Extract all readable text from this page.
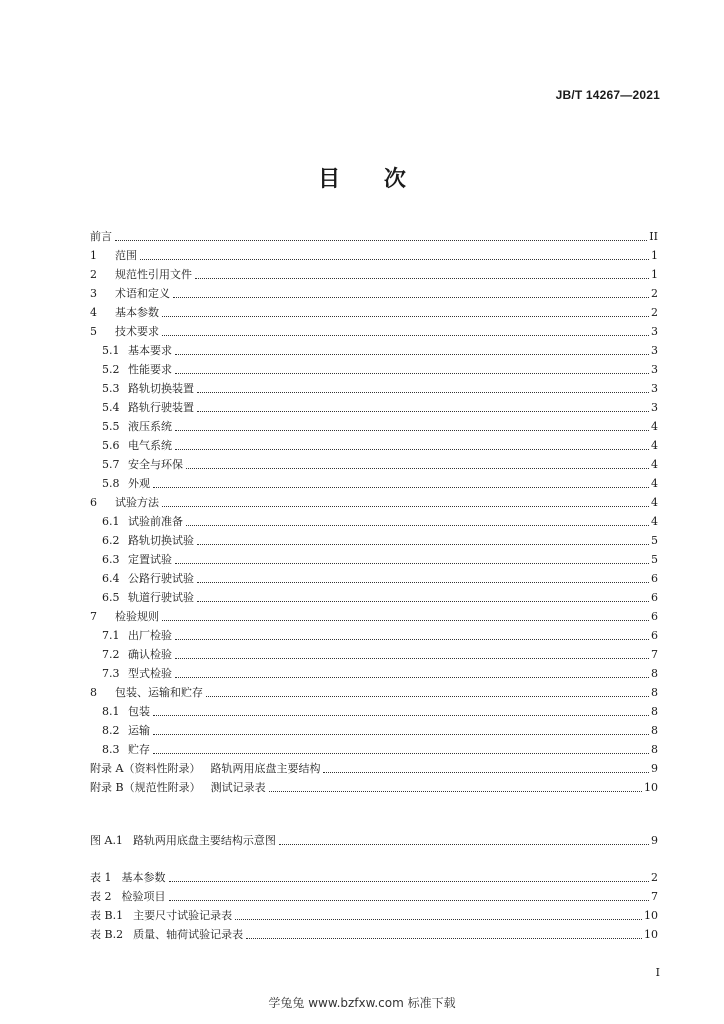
JB/T 14267—2021
目 次
前言	II
1 范围	1
2 规范性引用文件	1
3 术语和定义	2
4 基本参数	2
5 技术要求	3
5.1 基本要求	3
5.2 性能要求	3
5.3 路轨切换装置	3
5.4 路轨行驶装置	3
5.5 液压系统	4
5.6 电气系统	4
5.7 安全与环保	4
5.8 外观	4
6 试验方法	4
6.1 试验前准备	4
6.2 路轨切换试验	5
6.3 定置试验	5
6.4 公路行驶试验	6
6.5 轨道行驶试验	6
7 检验规则	6
7.1 出厂检验	6
7.2 确认检验	7
7.3 型式检验	8
8 包装、运输和贮存	8
8.1 包装	8
8.2 运输	8
8.3 贮存	8
附录 A（资料性附录） 路轨两用底盘主要结构	9
附录 B（规范性附录） 测试记录表	10
图 A.1 路轨两用底盘主要结构示意图	9
表 1 基本参数	2
表 2 检验项目	7
表 B.1 主要尺寸试验记录表	10
表 B.2 质量、轴荷试验记录表	10
I
学兔兔 www.bzfxw.com 标准下载
